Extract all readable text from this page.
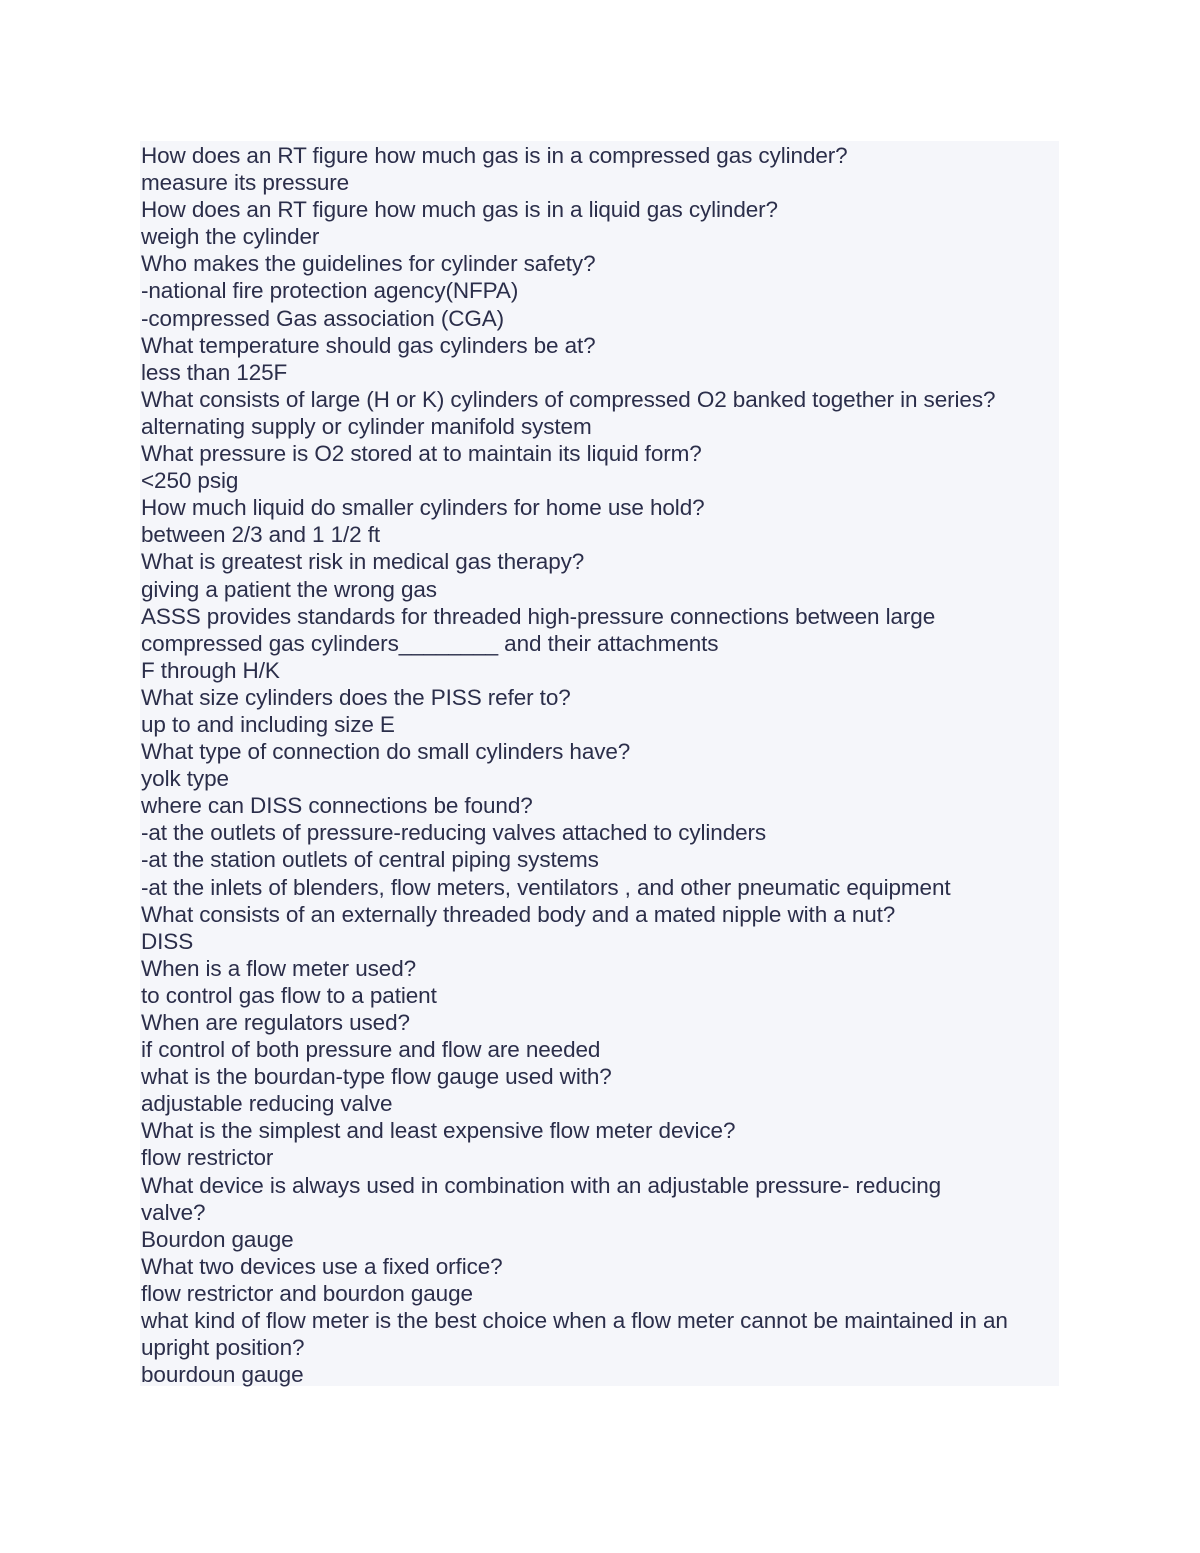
How does an RT figure how much gas is in a compressed gas cylinder?
measure its pressure
How does an RT figure how much gas is in a liquid gas cylinder?
weigh the cylinder
Who makes the guidelines for cylinder safety?
-national fire protection agency(NFPA)
-compressed Gas association (CGA)
What temperature should gas cylinders be at?
less than 125F
What consists of large (H or K) cylinders of compressed O2 banked together in series?
alternating supply or cylinder manifold system
What pressure is O2 stored at to maintain its liquid form?
<250 psig
How much liquid do smaller cylinders for home use hold?
between 2/3 and 1 1/2 ft
What is greatest risk in medical gas therapy?
giving a patient the wrong gas
ASSS provides standards for threaded high-pressure connections between large
compressed gas cylinders________ and their attachments
F through H/K
What size cylinders does the PISS refer to?
up to and including size E
What type of connection do small cylinders have?
yolk type
where can DISS connections be found?
-at the outlets of pressure-reducing valves attached to cylinders
-at the station outlets of central piping systems
-at the inlets of blenders, flow meters, ventilators , and other pneumatic equipment
What consists of an externally threaded body and a mated nipple with a nut?
DISS
When is a flow meter used?
to control gas flow to a patient
When are regulators used?
if control of both pressure and flow are needed
what is the bourdan-type flow gauge used with?
adjustable reducing valve
What is the simplest and least expensive flow meter device?
flow restrictor
What device is always used in combination with an adjustable pressure- reducing
valve?
Bourdon gauge
What two devices use a fixed orfice?
flow restrictor and bourdon gauge
what kind of flow meter is the best choice when a flow meter cannot be maintained in an
upright position?
bourdoun gauge
